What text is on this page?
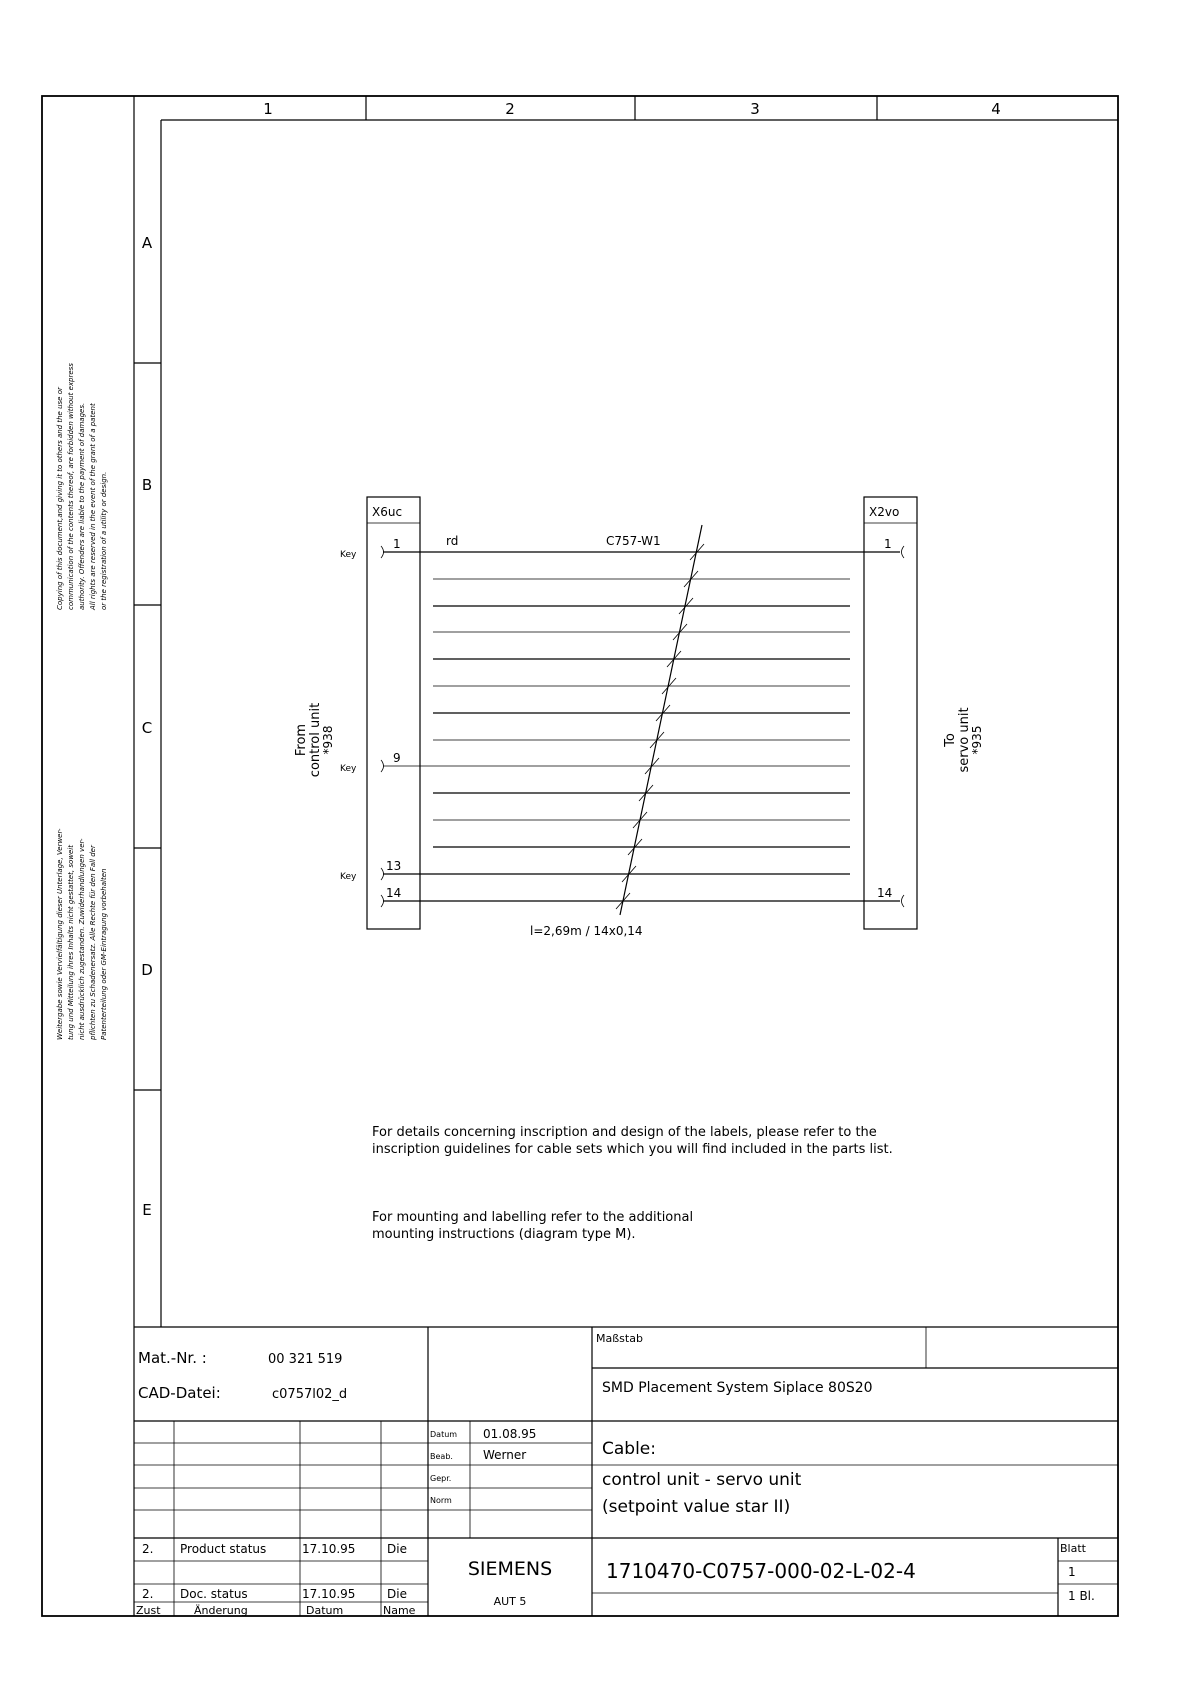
1	2	3	4
A
B
C
D
E
Copying of this document,and giving it to others and the use or communication of the contents thereof, are forbidden without express authority. Offenders are liable to the payment of damages. All rights are reserved in the event of the grant of a patent or the registration of a utility or design.
Weitergabe sowie Vervielfältigung dieser Unterlage, Verwer- tung und Mitteilung ihres Inhalts nicht gestattet, soweit nicht ausdrücklich zugestanden. Zuwiderhandlungen ver- pflichten zu Schadenersatz. Alle Rechte für den Fall der Patenterteilung oder GM-Eintragung vorbehalten
X6uc	X2vo
rd	C757-W1
Key
Key
Key
1
9
13
14
1
14
From control unit
*938	To servo unit
*935
l=2,69m / 14x0,14
For details concerning inscription and design of the labels, please refer to the
inscription guidelines for cable sets which you will find included in the parts list.
For mounting and labelling refer to the additional
mounting instructions (diagram type M).
Mat.-Nr. :	00 321 519
CAD-Datei:	c0757l02_d
Maßstab
SMD Placement System Siplace 80S20
Datum 01.08.95
Beab.	Werner
Gepr.
Norm
Cable:
control unit - servo unit
(setpoint value star II)
2. Product status	17.10.95	Die
2. Doc. status	17.10.95	Die
Zust	Änderung	Datum	Name
SIEMENS
AUT 5
1710470-C0757-000-02-L-02-4
Blatt
1
1 Bl.
